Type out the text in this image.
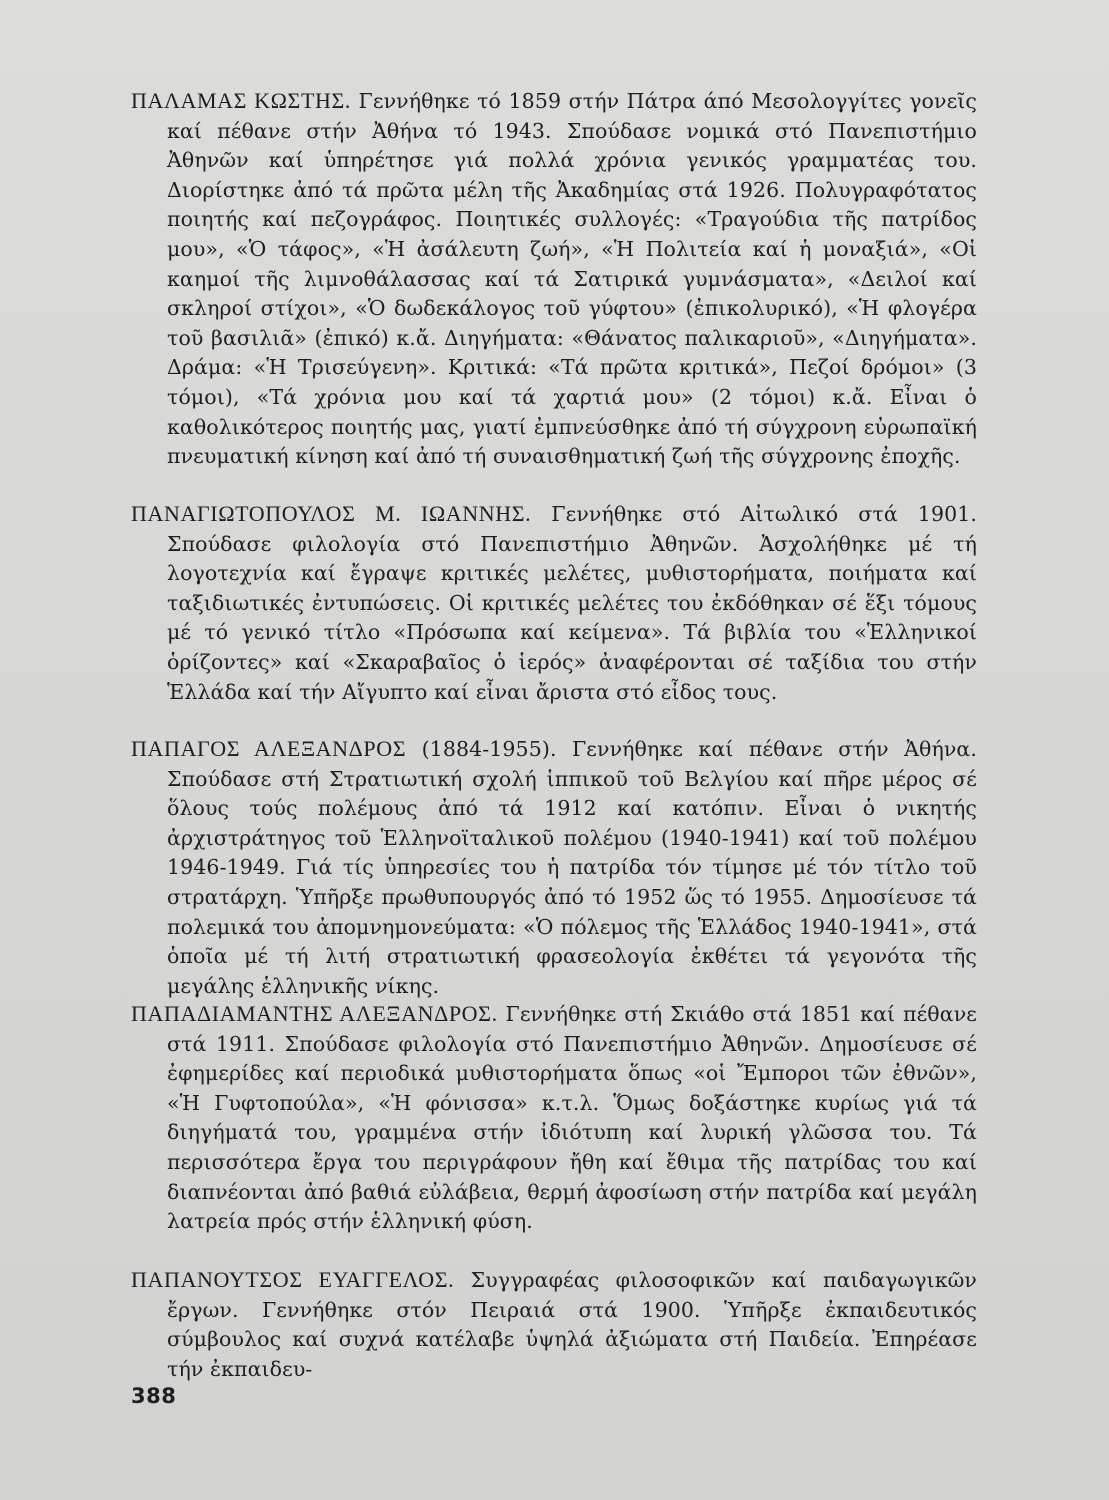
ΠΑΛΑΜΑΣ ΚΩΣΤΗΣ. Γεννήθηκε τό 1859 στήν Πάτρα άπό Μεσολογγίτες γονεῖς καί πέθανε στήν Ἀθήνα τό 1943. Σπούδασε νομικά στό Πανεπιστήμιο Ἀθηνῶν καί ὑπηρέτησε γιά πολλά χρόνια γενικός γραμματέας του. Διορίστηκε ἀπό τά πρῶτα μέλη τῆς Ἀκαδημίας στά 1926. Πολυγραφότατος ποιητής καί πεζογράφος. Ποιητικές συλλογές: «Τραγούδια τῆς πατρίδος μου», «Ὁ τάφος», «Ἡ ἀσάλευτη ζωή», «Ἡ Πολιτεία καί ἡ μοναξιά», «Οἱ καημοί τῆς λιμνοθάλασσας καί τά Σατιρικά γυμνάσματα», «Δειλοί καί σκληροί στίχοι», «Ὁ δωδεκάλογος τοῦ γύφτου» (ἐπικολυρικό), «Ἡ φλογέρα τοῦ βασιλιᾶ» (ἐπικό) κ.ἄ. Διηγήματα: «Θάνατος παλικαριοῦ», «Διηγήματα». Δράμα: «Ἡ Τρισεύγενη». Κριτικά: «Τά πρῶτα κριτικά», Πεζοί δρόμοι» (3 τόμοι), «Τά χρόνια μου καί τά χαρτιά μου» (2 τόμοι) κ.ἄ. Εἶναι ὁ καθολικότερος ποιητής μας, γιατί ἐμπνεύσθηκε ἀπό τή σύγχρονη εὐρωπαϊκή πνευματική κίνηση καί ἀπό τή συναισθηματική ζωή τῆς σύγχρονης ἐποχῆς.

ΠΑΝΑΓΙΩΤΟΠΟΥΛΟΣ Μ. ΙΩΑΝΝΗΣ. Γεννήθηκε στό Αἰτωλικό στά 1901. Σπούδασε φιλολογία στό Πανεπιστήμιο Ἀθηνῶν. Ἀσχολήθηκε μέ τή λογοτεχνία καί ἔγραψε κριτικές μελέτες, μυθιστορήματα, ποιήματα καί ταξιδιωτικές ἐντυπώσεις. Οἱ κριτικές μελέτες του ἐκδόθηκαν σέ ἕξι τόμους μέ τό γενικό τίτλο «Πρόσωπα καί κείμενα». Τά βιβλία του «Ἑλληνικοί ὁρίζοντες» καί «Σκαραβαῖος ὁ ἱερός» ἀναφέρονται σέ ταξίδια του στήν Ἑλλάδα καί τήν Αἴγυπτο καί εἶναι ἄριστα στό εἶδος τους.

ΠΑΠΑΓΟΣ ΑΛΕΞΑΝΔΡΟΣ (1884-1955). Γεννήθηκε καί πέθανε στήν Ἀθήνα. Σπούδασε στή Στρατιωτική σχολή ἱππικοῦ τοῦ Βελγίου καί πῆρε μέρος σέ ὅλους τούς πολέμους ἀπό τά 1912 καί κατόπιν. Εἶναι ὁ νικητής ἀρχιστράτηγος τοῦ Ἑλληνοϊταλικοῦ πολέμου (1940-1941) καί τοῦ πολέμου 1946-1949. Γιά τίς ὑπηρεσίες του ἡ πατρίδα τόν τίμησε μέ τόν τίτλο τοῦ στρατάρχη. Ὑπῆρξε πρωθυπουργός ἀπό τό 1952 ὥς τό 1955. Δημοσίευσε τά πολεμικά του ἀπομνημονεύματα: «Ὁ πόλεμος τῆς Ἑλλάδος 1940-1941», στά ὁποῖα μέ τή λιτή στρατιωτική φρασεολογία ἐκθέτει τά γεγονότα τῆς μεγάλης ἑλληνικῆς νίκης.

ΠΑΠΑΔΙΑΜΑΝΤΗΣ ΑΛΕΞΑΝΔΡΟΣ. Γεννήθηκε στή Σκιάθο στά 1851 καί πέθανε στά 1911. Σπούδασε φιλολογία στό Πανεπιστήμιο Ἀθηνῶν. Δημοσίευσε σέ ἐφημερίδες καί περιοδικά μυθιστορήματα ὅπως «οἱ Ἔμποροι τῶν ἐθνῶν», «Ἡ Γυφτοπούλα», «Ἡ φόνισσα» κ.τ.λ. Ὅμως δοξάστηκε κυρίως γιά τά διηγήματά του, γραμμένα στήν ἰδιότυπη καί λυρική γλῶσσα του. Τά περισσότερα ἔργα του περιγράφουν ἤθη καί ἔθιμα τῆς πατρίδας του καί διαπνέονται ἀπό βαθιά εὐλάβεια, θερμή ἀφοσίωση στήν πατρίδα καί μεγάλη λατρεία πρός στήν ἑλληνική φύση.

ΠΑΠΑΝΟΥΤΣΟΣ ΕΥΑΓΓΕΛΟΣ. Συγγραφέας φιλοσοφικῶν καί παιδαγωγικῶν ἔργων. Γεννήθηκε στόν Πειραιά στά 1900. Ὑπῆρξε ἐκπαιδευτικός σύμβουλος καί συχνά κατέλαβε ὑψηλά ἀξιώματα στή Παιδεία. Ἐπηρέασε τήν ἐκπαιδευ-

388
